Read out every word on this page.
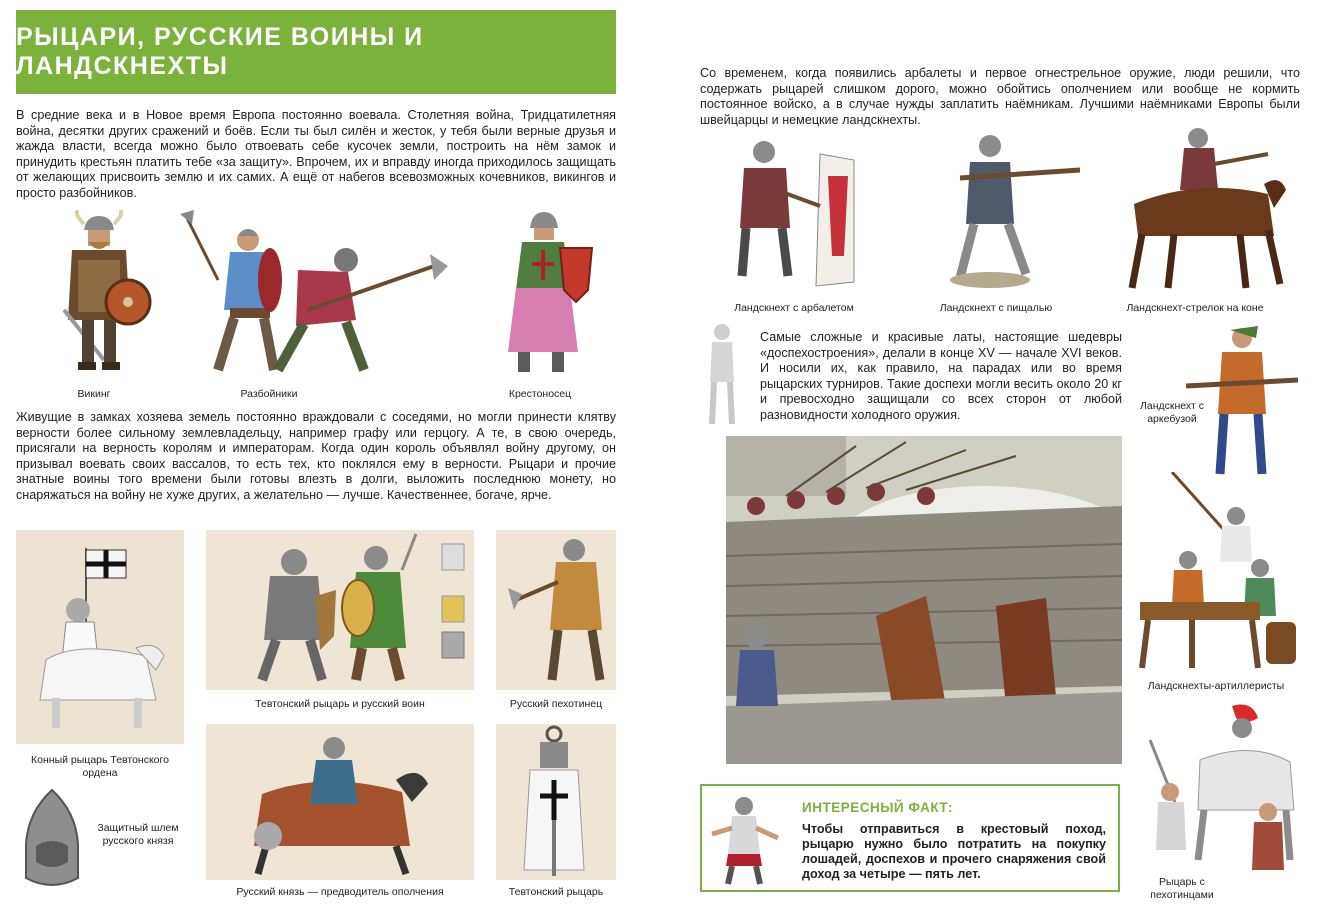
РЫЦАРИ, РУССКИЕ ВОИНЫ И ЛАНДСКНЕХТЫ

В средние века и в Новое время Европа постоянно воевала. Столетняя война, Тридцатилетняя война, десятки других сражений и боёв. Если ты был силён и жесток, у тебя были верные друзья и жажда власти, всегда можно было отвоевать себе кусочек земли, построить на нём замок и принудить крестьян платить тебе «за защиту». Впрочем, их и вправду иногда приходилось защищать от желающих присвоить землю и их самих. А ещё от набегов всевозможных кочевников, викингов и просто разбойников.

Викинг	Разбойники	Крестоносец

Живущие в замках хозяева земель постоянно враждовали с соседями, но могли принести клятву верности более сильному землевладельцу, например графу или герцогу. А те, в свою очередь, присягали на верность королям и императорам. Когда один король объявлял войну другому, он призывал воевать своих вассалов, то есть тех, кто поклялся ему в верности. Рыцари и прочие знатные воины того времени были готовы влезть в долги, выложить последнюю монету, но снаряжаться на войну не хуже других, а желательно — лучше. Качественнее, богаче, ярче.

Конный рыцарь Тевтонского ордена
Тевтонский рыцарь и русский воин	Русский пехотинец
Защитный шлем русского князя
Русский князь — предводитель ополчения	Тевтонский рыцарь

Со временем, когда появились арбалеты и первое огнестрельное оружие, люди решили, что содержать рыцарей слишком дорого, можно обойтись ополчением или вообще не кормить постоянное войско, а в случае нужды заплатить наёмникам. Лучшими наёмниками Европы были швейцарцы и немецкие ландскнехты.

Ландскнехт с арбалетом	Ландскнехт с пищалью	Ландскнехт-стрелок на коне

Самые сложные и красивые латы, настоящие шедевры «доспехостроения», делали в конце XV — начале XVI веков. И носили их, как правило, на парадах или во время рыцарских турниров. Такие доспехи могли весить около 20 кг и превосходно защищали со всех сторон от любой разновидности холодного оружия.

Ландскнехт с аркебузой
Ландскнехты-артиллеристы
ИНТЕРЕСНЫЙ ФАКТ:
Чтобы отправиться в крестовый поход, рыцарю нужно было потратить на покупку лошадей, доспехов и прочего снаряжения свой доход за четыре — пять лет.
Рыцарь с пехотинцами
